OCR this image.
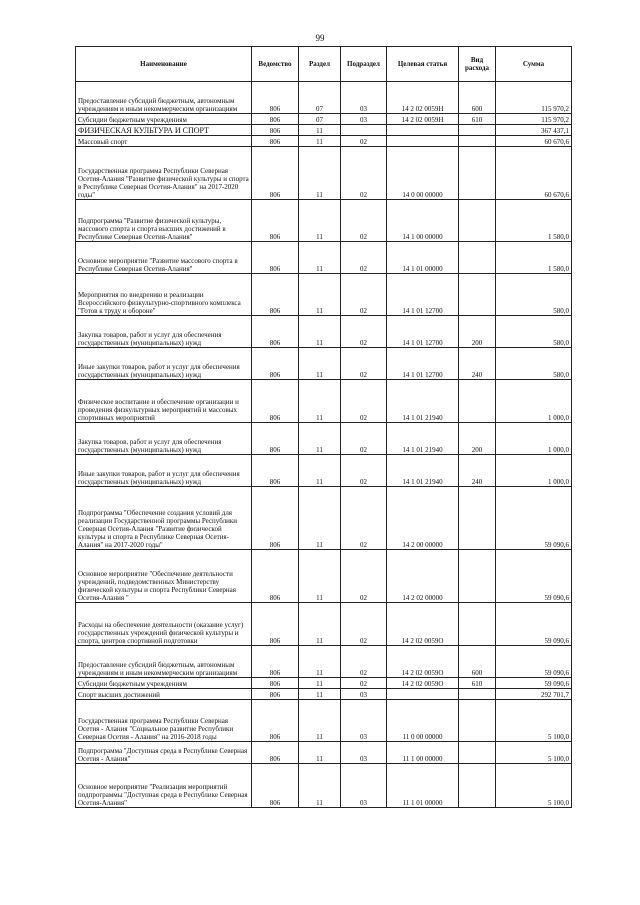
99
Наименование	Ведомство	Раздел	Подраздел	Целевая статья	Вид расхода	Сумма
Предоставление субсидий бюджетным, автономным учреждениям и иным некоммерческим организациям	806	07	03	14 2 02 0059Н	600	115 970,2
Субсидии бюджетным учреждениям	806	07	03	14 2 02 0059Н	610	115 970,2
ФИЗИЧЕСКАЯ КУЛЬТУРА И СПОРТ	806	11				367 437,1
Массовый спорт	806	11	02			60 670,6
Государственная программа Республики Северная Осетия-Алания "Развитие физической культуры и спорта в Республике Северная Осетия-Алания" на 2017-2020 годы"	806	11	02	14 0 00 00000		60 670,6
Подпрограмма "Развитие физической культуры, массового спорта и спорта высших достижений в Республике Северная Осетия-Алания"	806	11	02	14 1 00 00000		1 580,0
Основное мероприятие "Развитие массового спорта в Республике Северная Осетия-Алания"	806	11	02	14 1 01 00000		1 580,0
Мероприятия по внедрению и реализации Всероссийского физкультурно-спортивного комплекса "Готов к труду и обороне"	806	11	02	14 1 01 12700		580,0
Закупка товаров, работ и услуг для обеспечения государственных (муниципальных) нужд	806	11	02	14 1 01 12700	200	580,0
Иные закупки товаров, работ и услуг для обеспечения государственных (муниципальных) нужд	806	11	02	14 1 01 12700	240	580,0
Физическое воспитание и обеспечение организации и проведения физкультурных мероприятий и массовых спортивных мероприятий	806	11	02	14 1 01 21940		1 000,0
Закупка товаров, работ и услуг для обеспечения государственных (муниципальных) нужд	806	11	02	14 1 01 21940	200	1 000,0
Иные закупки товаров, работ и услуг для обеспечения государственных (муниципальных) нужд	806	11	02	14 1 01 21940	240	1 000,0
Подпрограмма "Обеспечение создания условий для реализации Государственной программы Республики Северная Осетия-Алания "Развитие физической культуры и спорта в Республике Северная Осетия-Алания" на 2017-2020 годы"	806	11	02	14 2 00 00000		59 090,6
Основное мероприятие "Обеспечение деятельности учреждений, подведомственных Министерству физической культуры и спорта Республики Северная Осетия-Алания "	806	11	02	14 2 02 00000		59 090,6
Расходы на обеспечение деятельности (оказание услуг) государственных учреждений физической культуры и спорта, центров спортивной подготовки	806	11	02	14 2 02 0059О		59 090,6
Предоставление субсидий бюджетным, автономным учреждениям и иным некоммерческим организациям	806	11	02	14 2 02 0059О	600	59 090,6
Субсидии бюджетным учреждениям	806	11	02	14 2 02 0059О	610	59 090,6
Спорт высших достижений	806	11	03			292 701,7
Государственная программа Республики Северная Осетия - Алания "Социальное развитие Республики Северная Осетия - Алания" на 2016-2018 годы	806	11	03	11 0 00 00000		5 100,0
Подпрограмма "Доступная среда в Республике Северная Осетия - Алания"	806	11	03	11 1 00 00000		5 100,0
Основное мероприятие "Реализация мероприятий подпрограммы "Доступная среда в Республике Северная Осетия-Алания"	806	11	03	11 1 01 00000		5 100,0
